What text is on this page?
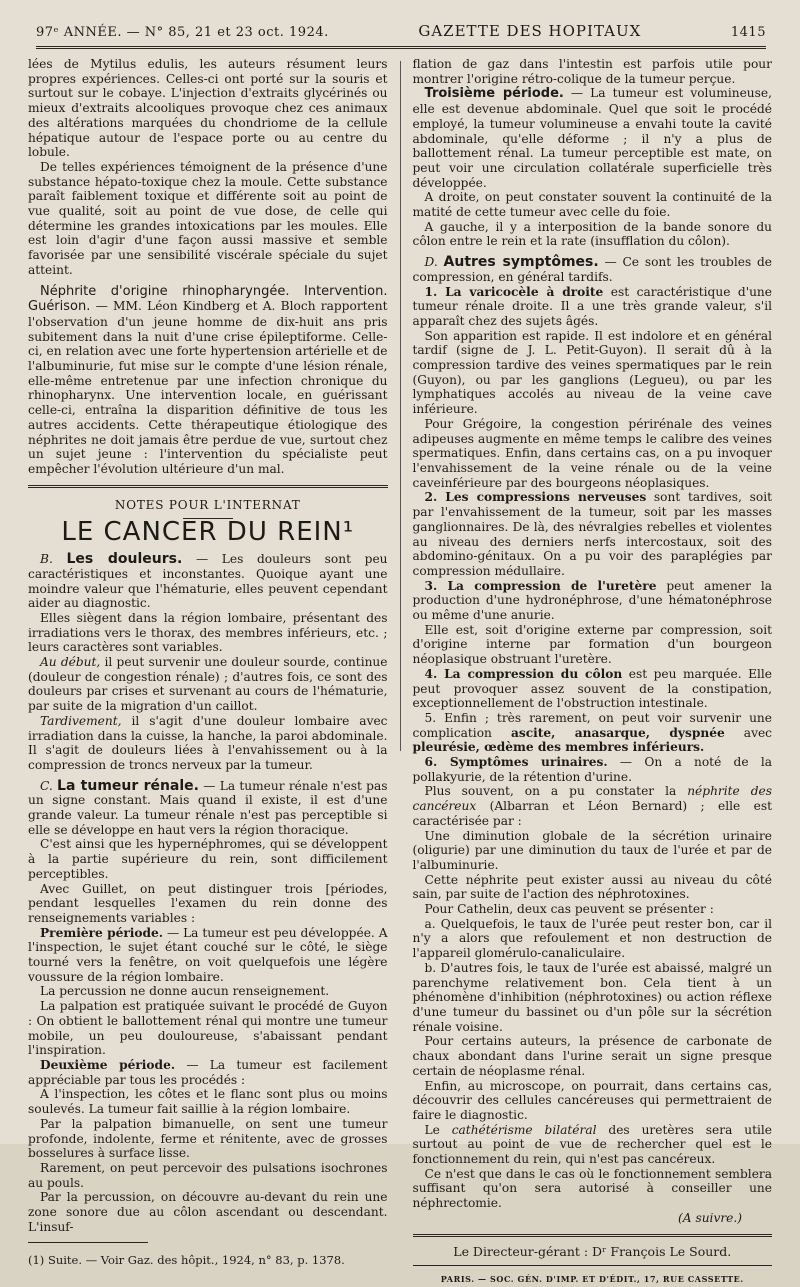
97ᵉ ANNÉE. — N° 85, 21 et 23 oct. 1924.	GAZETTE DES HOPITAUX	1415

lées de Mytilus edulis, les auteurs résument leurs propres expériences. Celles-ci ont porté sur la souris et surtout sur le cobaye. L'injection d'extraits glycérinés ou mieux d'extraits alcooliques provoque chez ces animaux des altérations marquées du chondriome de la cellule hépatique autour de l'espace porte ou au centre du lobule.

De telles expériences témoignent de la présence d'une substance hépato-toxique chez la moule. Cette substance paraît faiblement toxique et différente soit au point de vue qualité, soit au point de vue dose, de celle qui détermine les grandes intoxications par les moules. Elle est loin d'agir d'une façon aussi massive et semble favorisée par une sensibilité viscérale spéciale du sujet atteint.

Néphrite d'origine rhinopharyngée. Intervention. Guérison. — MM. Léon Kindberg et A. Bloch rapportent l'observation d'un jeune homme de dix-huit ans pris subitement dans la nuit d'une crise épileptiforme. Celle-ci, en relation avec une forte hypertension artérielle et de l'albuminurie, fut mise sur le compte d'une lésion rénale, elle-même entretenue par une infection chronique du rhinopharynx. Une intervention locale, en guérissant celle-ci, entraîna la disparition définitive de tous les autres accidents. Cette thérapeutique étiologique des néphrites ne doit jamais être perdue de vue, surtout chez un sujet jeune : l'intervention du spécialiste peut empêcher l'évolution ultérieure d'un mal.

NOTES POUR L'INTERNAT
LE CANCER DU REIN¹

B. Les douleurs. — Les douleurs sont peu caractéristiques et inconstantes. Quoique ayant une moindre valeur que l'hématurie, elles peuvent cependant aider au diagnostic.

Elles siègent dans la région lombaire, présentant des irradiations vers le thorax, des membres inférieurs, etc. ; leurs caractères sont variables.

Au début, il peut survenir une douleur sourde, continue (douleur de congestion rénale) ; d'autres fois, ce sont des douleurs par crises et survenant au cours de l'hématurie, par suite de la migration d'un caillot.

Tardivement, il s'agit d'une douleur lombaire avec irradiation dans la cuisse, la hanche, la paroi abdominale. Il s'agit de douleurs liées à l'envahissement ou à la compression de troncs nerveux par la tumeur.

C. La tumeur rénale. — La tumeur rénale n'est pas un signe constant. Mais quand il existe, il est d'une grande valeur. La tumeur rénale n'est pas perceptible si elle se développe en haut vers la région thoracique.

C'est ainsi que les hypernéphromes, qui se développent à la partie supérieure du rein, sont difficilement perceptibles.

Avec Guillet, on peut distinguer trois [périodes, pendant lesquelles l'examen du rein donne des renseignements variables :

Première période. — La tumeur est peu développée. A l'inspection, le sujet étant couché sur le côté, le siège tourné vers la fenêtre, on voit quelquefois une légère voussure de la région lombaire.

La percussion ne donne aucun renseignement.

La palpation est pratiquée suivant le procédé de Guyon : On obtient le ballottement rénal qui montre une tumeur mobile, un peu douloureuse, s'abaissant pendant l'inspiration.

Deuxième période. — La tumeur est facilement appréciable par tous les procédés :

A l'inspection, les côtes et le flanc sont plus ou moins soulevés. La tumeur fait saillie à la région lombaire.

Par la palpation bimanuelle, on sent une tumeur profonde, indolente, ferme et rénitente, avec de grosses bosselures à surface lisse.

Rarement, on peut percevoir des pulsations isochrones au pouls.

Par la percussion, on découvre au-devant du rein une zone sonore due au côlon ascendant ou descendant. L'insuf-

(1) Suite. — Voir Gaz. des hôpit., 1924, n° 83, p. 1378.

flation de gaz dans l'intestin est parfois utile pour montrer l'origine rétro-colique de la tumeur perçue.

Troisième période. — La tumeur est volumineuse, elle est devenue abdominale. Quel que soit le procédé employé, la tumeur volumineuse a envahi toute la cavité abdominale, qu'elle déforme ; il n'y a plus de ballottement rénal. La tumeur perceptible est mate, on peut voir une circulation collatérale superficielle très développée.

A droite, on peut constater souvent la continuité de la matité de cette tumeur avec celle du foie.

A gauche, il y a interposition de la bande sonore du côlon entre le rein et la rate (insufflation du côlon).

D. Autres symptômes. — Ce sont les troubles de compression, en général tardifs.

1. La varicocèle à droite est caractéristique d'une tumeur rénale droite. Il a une très grande valeur, s'il apparaît chez des sujets âgés.

Son apparition est rapide. Il est indolore et en général tardif (signe de J. L. Petit-Guyon). Il serait dû à la compression tardive des veines spermatiques par le rein (Guyon), ou par les ganglions (Legueu), ou par les lymphatiques accolés au niveau de la veine cave inférieure.

Pour Grégoire, la congestion périrénale des veines adipeuses augmente en même temps le calibre des veines spermatiques. Enfin, dans certains cas, on a pu invoquer l'envahissement de la veine rénale ou de la veine caveinférieure par des bourgeons néoplasiques.

2. Les compressions nerveuses sont tardives, soit par l'envahissement de la tumeur, soit par les masses ganglionnaires. De là, des névralgies rebelles et violentes au niveau des derniers nerfs intercostaux, soit des abdomino-génitaux. On a pu voir des paraplégies par compression médullaire.

3. La compression de l'uretère peut amener la production d'une hydronéphrose, d'une hématonéphrose ou même d'une anurie.

Elle est, soit d'origine externe par compression, soit d'origine interne par formation d'un bourgeon néoplasique obstruant l'uretère.

4. La compression du côlon est peu marquée. Elle peut provoquer assez souvent de la constipation, exceptionnellement de l'obstruction intestinale.

5. Enfin ; très rarement, on peut voir survenir une complication ascite, anasarque, dyspnée avec pleurésie, œdème des membres inférieurs.

6. Symptômes urinaires. — On a noté de la pollakyurie, de la rétention d'urine.

Plus souvent, on a pu constater la néphrite des cancéreux (Albarran et Léon Bernard) ; elle est caractérisée par :

Une diminution globale de la sécrétion urinaire (oligurie) par une diminution du taux de l'urée et par de l'albuminurie.

Cette néphrite peut exister aussi au niveau du côté sain, par suite de l'action des néphrotoxines.

Pour Cathelin, deux cas peuvent se présenter :

a. Quelquefois, le taux de l'urée peut rester bon, car il n'y a alors que refoulement et non destruction de l'appareil glomérulo-canaliculaire.

b. D'autres fois, le taux de l'urée est abaissé, malgré un parenchyme relativement bon. Cela tient à un phénomène d'inhibition (néphrotoxines) ou action réflexe d'une tumeur du bassinet ou d'un pôle sur la sécrétion rénale voisine.

Pour certains auteurs, la présence de carbonate de chaux abondant dans l'urine serait un signe presque certain de néoplasme rénal.

Enfin, au microscope, on pourrait, dans certains cas, découvrir des cellules cancéreuses qui permettraient de faire le diagnostic.

Le cathétérisme bilatéral des uretères sera utile surtout au point de vue de rechercher quel est le fonctionnement du rein, qui n'est pas cancéreux.

Ce n'est que dans le cas où le fonctionnement semblera suffisant qu'on sera autorisé à conseiller une néphrectomie.

(A suivre.)

Le Directeur-gérant : Dʳ François Le Sourd.
PARIS. — SOC. GÉN. D'IMP. ET D'ÉDIT., 17, RUE CASSETTE.
